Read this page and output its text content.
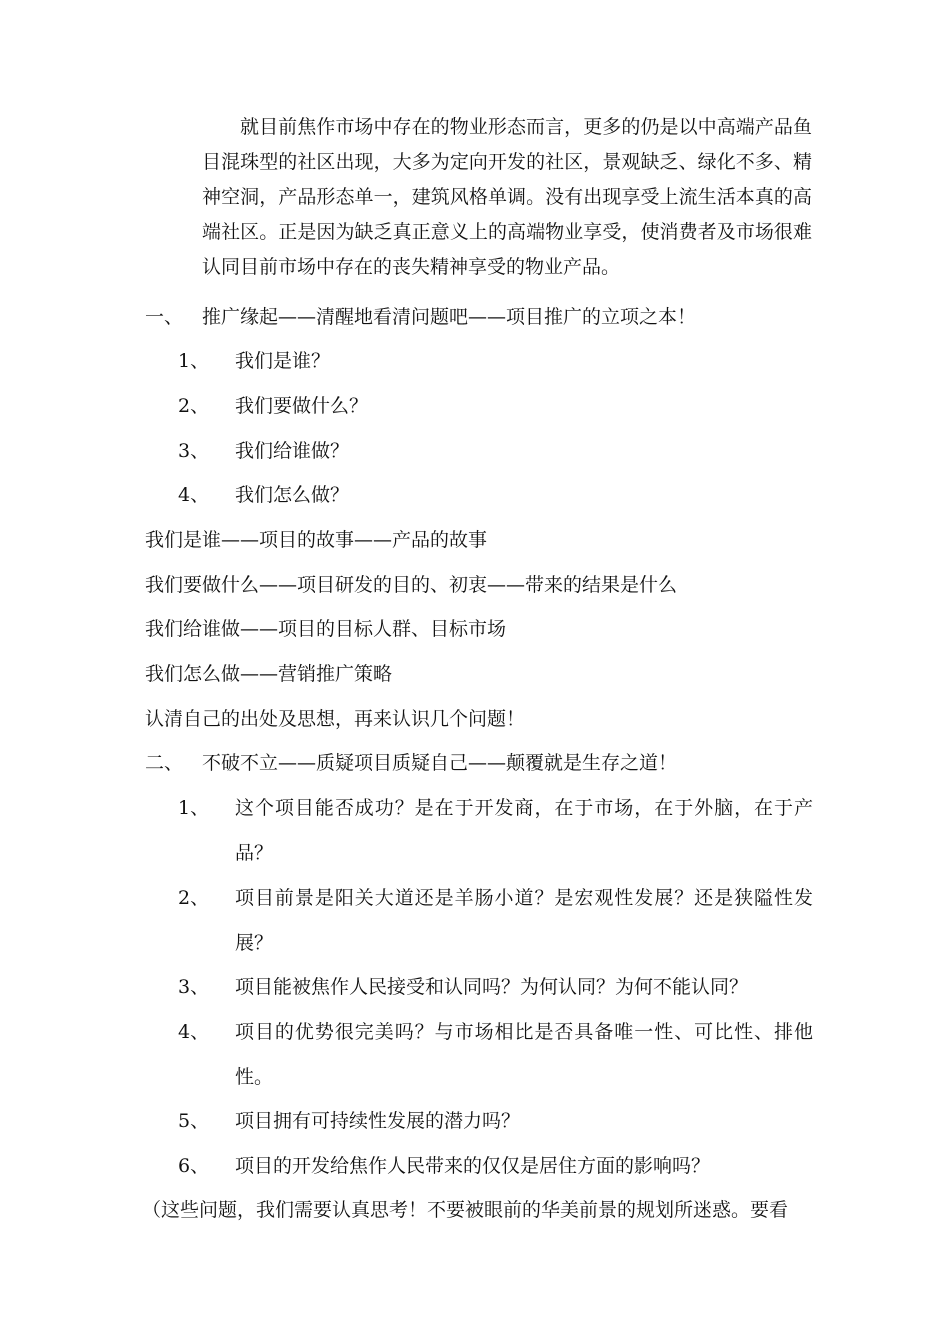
就目前焦作市场中存在的物业形态而言，更多的仍是以中高端产品鱼目混珠型的社区出现，大多为定向开发的社区，景观缺乏、绿化不多、精神空洞，产品形态单一，建筑风格单调。没有出现享受上流生活本真的高端社区。正是因为缺乏真正意义上的高端物业享受，使消费者及市场很难认同目前市场中存在的丧失精神享受的物业产品。

一、 推广缘起——清醒地看清问题吧——项目推广的立项之本！
1、 我们是谁？
2、 我们要做什么？
3、 我们给谁做？
4、 我们怎么做？
我们是谁——项目的故事——产品的故事
我们要做什么——项目研发的目的、初衷——带来的结果是什么
我们给谁做——项目的目标人群、目标市场
我们怎么做——营销推广策略
认清自己的出处及思想，再来认识几个问题！
二、 不破不立——质疑项目质疑自己——颠覆就是生存之道！
1、 这个项目能否成功？是在于开发商，在于市场，在于外脑，在于产品？
2、 项目前景是阳关大道还是羊肠小道？是宏观性发展？还是狭隘性发展？
3、 项目能被焦作人民接受和认同吗？为何认同？为何不能认同？
4、 项目的优势很完美吗？与市场相比是否具备唯一性、可比性、排他性。
5、 项目拥有可持续性发展的潜力吗？
6、 项目的开发给焦作人民带来的仅仅是居住方面的影响吗？
（这些问题，我们需要认真思考！不要被眼前的华美前景的规划所迷惑。要看
